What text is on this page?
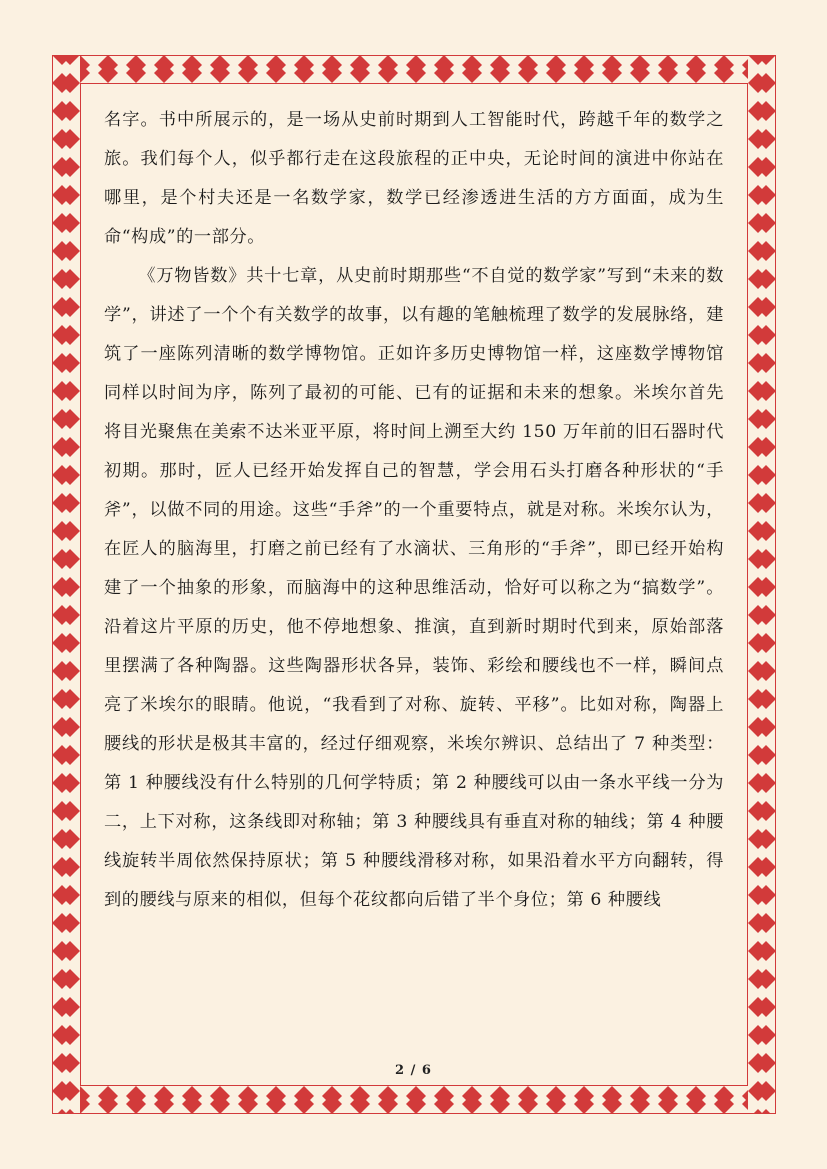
名字。书中所展示的，是一场从史前时期到人工智能时代，跨越千年的数学之旅。我们每个人，似乎都行走在这段旅程的正中央，无论时间的演进中你站在哪里，是个村夫还是一名数学家，数学已经渗透进生活的方方面面，成为生命“构成”的一部分。

《万物皆数》共十七章，从史前时期那些“不自觉的数学家”写到“未来的数学”，讲述了一个个有关数学的故事，以有趣的笔触梳理了数学的发展脉络，建筑了一座陈列清晰的数学博物馆。正如许多历史博物馆一样，这座数学博物馆同样以时间为序，陈列了最初的可能、已有的证据和未来的想象。米埃尔首先将目光聚焦在美索不达米亚平原，将时间上溯至大约 150 万年前的旧石器时代初期。那时，匠人已经开始发挥自己的智慧，学会用石头打磨各种形状的“手斧”，以做不同的用途。这些“手斧”的一个重要特点，就是对称。米埃尔认为，在匠人的脑海里，打磨之前已经有了水滴状、三角形的“手斧”，即已经开始构建了一个抽象的形象，而脑海中的这种思维活动，恰好可以称之为“搞数学”。沿着这片平原的历史，他不停地想象、推演，直到新时期时代到来，原始部落里摆满了各种陶器。这些陶器形状各异，装饰、彩绘和腰线也不一样，瞬间点亮了米埃尔的眼睛。他说，“我看到了对称、旋转、平移”。比如对称，陶器上腰线的形状是极其丰富的，经过仔细观察，米埃尔辨识、总结出了 7 种类型：第 1 种腰线没有什么特别的几何学特质；第 2 种腰线可以由一条水平线一分为二，上下对称，这条线即对称轴；第 3 种腰线具有垂直对称的轴线；第 4 种腰线旋转半周依然保持原状；第 5 种腰线滑移对称，如果沿着水平方向翻转，得到的腰线与原来的相似，但每个花纹都向后错了半个身位；第 6 种腰线

2 / 6
